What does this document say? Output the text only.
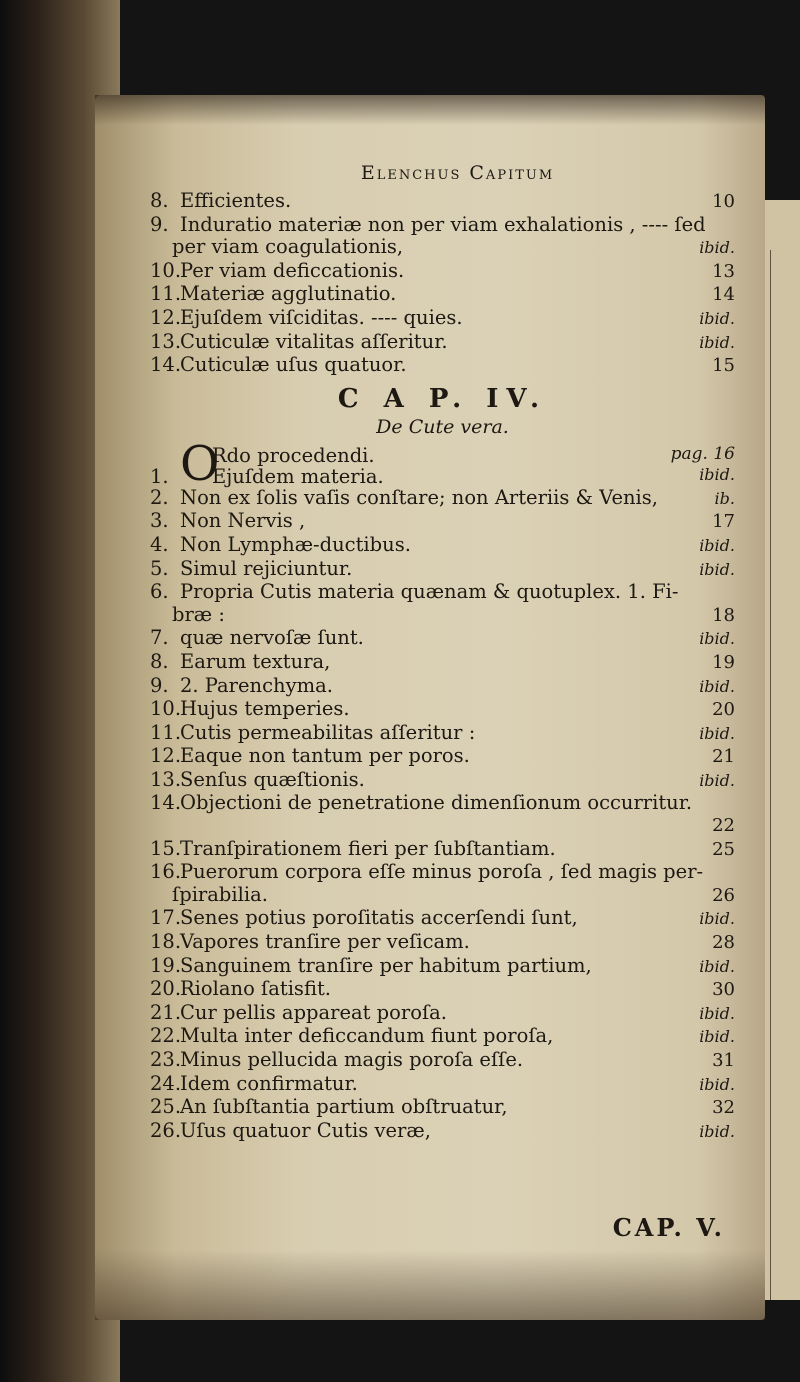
Elenchus Capitum
8. Efficientes.	10
9. Induratio materiæ non per viam exhalationis , ---- ſed
per viam coagulationis,	ibid.
10.Per viam deficcationis.	13
11.Materiæ agglutinatio.	14
12.Ejuſdem viſciditas. ---- quies.	ibid.
13.Cuticulæ vitalitas aſſeritur.	ibid.
14.Cuticulæ uſus quatuor.	15
C A P. IV.
De Cute vera.
O
Rdo procedendi.	pag. 16
1. Ejuſdem materia.	ibid.
2. Non ex ſolis vaſis conſtare; non Arteriis & Venis,	ib.
3. Non Nervis ,	17
4. Non Lymphæ-ductibus.	ibid.
5. Simul rejiciuntur.	ibid.
6. Propria Cutis materia quænam & quotuplex. 1. Fi-
bræ :	18
7. quæ nervoſæ ſunt.	ibid.
8. Earum textura,	19
9. 2. Parenchyma.	ibid.
10.Hujus temperies.	20
11.Cutis permeabilitas aſſeritur :	ibid.
12.Eaque non tantum per poros.	21
13.Senſus quæſtionis.	ibid.
14.Objectioni de penetratione dimenſionum occurritur.
22
15.Tranſpirationem fieri per ſubſtantiam.	25
16.Puerorum corpora eſſe minus poroſa , ſed magis per-
ſpirabilia.	26
17.Senes potius poroſitatis accerſendi ſunt,	ibid.
18.Vapores tranſire per veſicam.	28
19.Sanguinem tranſire per habitum partium,	ibid.
20.Riolano ſatisfit.	30
21.Cur pellis appareat poroſa.	ibid.
22.Multa inter deficcandum fiunt poroſa,	ibid.
23.Minus pellucida magis poroſa eſſe.	31
24.Idem confirmatur.	ibid.
25.An ſubſtantia partium obſtruatur,	32
26.Uſus quatuor Cutis veræ,	ibid.
CAP. V.
